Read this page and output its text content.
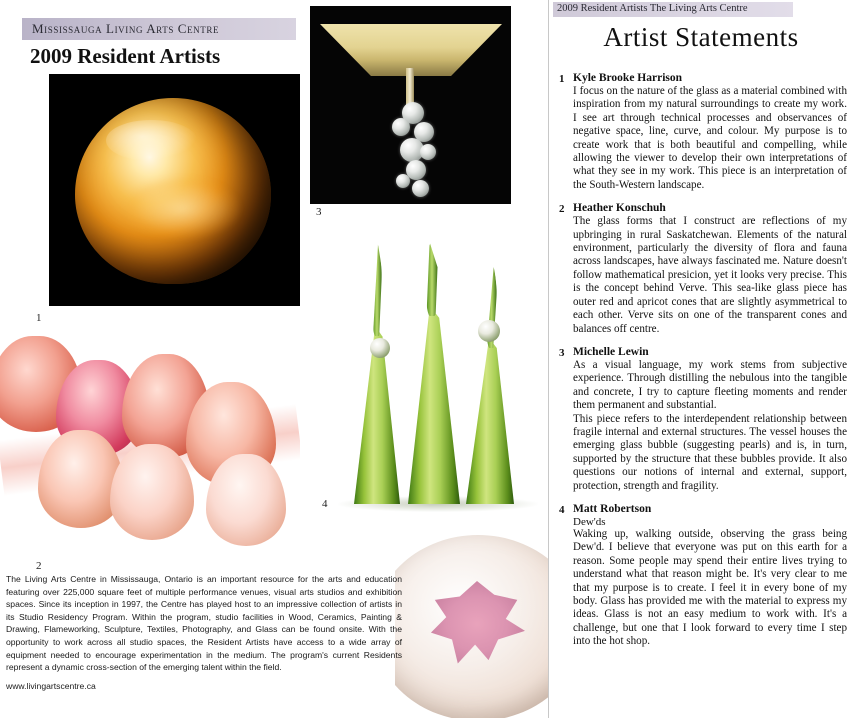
Mississauga Living Arts Centre
2009 Resident Artists
1
3
4
2
The Living Arts Centre in Mississauga, Ontario is an important resource for the arts and education featuring over 225,000 square feet of multiple performance venues, visual arts studios and exhibition spaces. Since its inception in 1997, the Centre has played host to an impressive collection of artists in its Studio Residency Program. Within the program, studio facilities in Wood, Ceramics, Painting & Drawing, Flameworking, Sculpture, Textiles, Photography, and Glass can be found onsite. With the opportunity to work across all studio spaces, the Resident Artists have access to a wide array of equipment needed to encourage experimentation in the medium. The program's current Residents represent a dynamic cross-section of the emerging talent within the field.
www.livingartscentre.ca
2009 Resident Artists The Living Arts Centre
Artist Statements
1 Kyle Brooke Harrison

I focus on the nature of the glass as a material combined with inspiration from my natural surroundings to create my work. I see art through technical processes and observances of negative space, line, curve, and colour. My purpose is to create work that is both beautiful and compelling, while allowing the viewer to develop their own interpretations of what they see in my work. This piece is an interpretation of the South-Western landscape.

2 Heather Konschuh

The glass forms that I construct are reflections of my upbringing in rural Saskatchewan. Elements of the natural environment, particularly the diversity of flora and fauna across landscapes, have always fascinated me. Nature doesn't follow mathematical presicion, yet it looks very precise. This is the concept behind Verve. This sea-like glass piece has outer red and apricot cones that are slightly asymmetrical to each other. Verve sits on one of the transparent cones and balances off centre.

3 Michelle Lewin

As a visual language, my work stems from subjective experience. Through distilling the nebulous into the tangible and concrete, I try to capture fleeting moments and render them permanent and substantial.

This piece refers to the interdependent relationship between fragile internal and external structures. The vessel houses the emerging glass bubble (suggesting pearls) and is, in turn, supported by the structure that these bubbles provide. It also questions our notions of internal and external, support, protection, strength and fragility.

4 Matt Robertson
Dew'ds

Waking up, walking outside, observing the grass being Dew'd. I believe that everyone was put on this earth for a reason. Some people may spend their entire lives trying to understand what that reason might be. It's very clear to me that my purpose is to create. I feel it in every bone of my body. Glass has provided me with the material to express my ideas. Glass is not an easy medium to work with. It's a challenge, but one that I look forward to every time I step into the hot shop.
